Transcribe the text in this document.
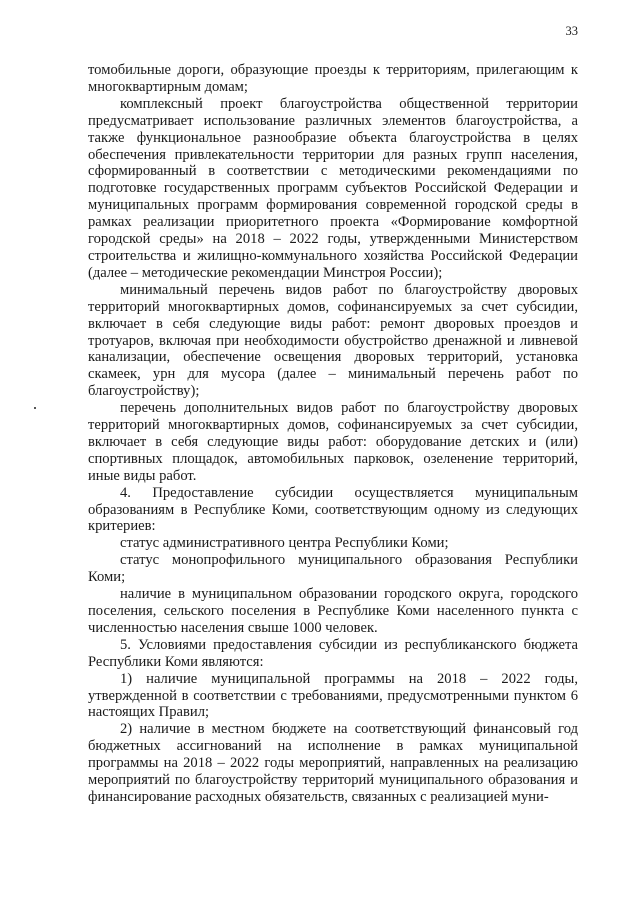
33

томобильные дороги, образующие проезды к территориям, прилегающим к многоквартирным домам;

комплексный проект благоустройства общественной территории предусматривает использование различных элементов благоустройства, а также функциональное разнообразие объекта благоустройства в целях обеспечения привлекательности территории для разных групп населения, сформированный в соответствии с методическими рекомендациями по подготовке государственных программ субъектов Российской Федерации и муниципальных программ формирования современной городской среды в рамках реализации приоритетного проекта «Формирование комфортной городской среды» на 2018 – 2022 годы, утвержденными Министерством строительства и жилищно-коммунального хозяйства Российской Федерации (далее – методические рекомендации Минстроя России);

минимальный перечень видов работ по благоустройству дворовых территорий многоквартирных домов, софинансируемых за счет субсидии, включает в себя следующие виды работ: ремонт дворовых проездов и тротуаров, включая при необходимости обустройство дренажной и ливневой канализации, обеспечение освещения дворовых территорий, установка скамеек, урн для мусора (далее – минимальный перечень работ по благоустройству);

перечень дополнительных видов работ по благоустройству дворовых территорий многоквартирных домов, софинансируемых за счет субсидии, включает в себя следующие виды работ: оборудование детских и (или) спортивных площадок, автомобильных парковок, озеленение территорий, иные виды работ.

4. Предоставление субсидии осуществляется муниципальным образованиям в Республике Коми, соответствующим одному из следующих критериев:

статус административного центра Республики Коми;

статус монопрофильного муниципального образования Республики Коми;

наличие в муниципальном образовании городского округа, городского поселения, сельского поселения в Республике Коми населенного пункта с численностью населения свыше 1000 человек.

5. Условиями предоставления субсидии из республиканского бюджета Республики Коми являются:

1) наличие муниципальной программы на 2018 – 2022 годы, утвержденной в соответствии с требованиями, предусмотренными пунктом 6 настоящих Правил;

2) наличие в местном бюджете на соответствующий финансовый год бюджетных ассигнований на исполнение в рамках муниципальной программы на 2018 – 2022 годы мероприятий, направленных на реализацию мероприятий по благоустройству территорий муниципального образования и финансирование расходных обязательств, связанных с реализацией муни-
